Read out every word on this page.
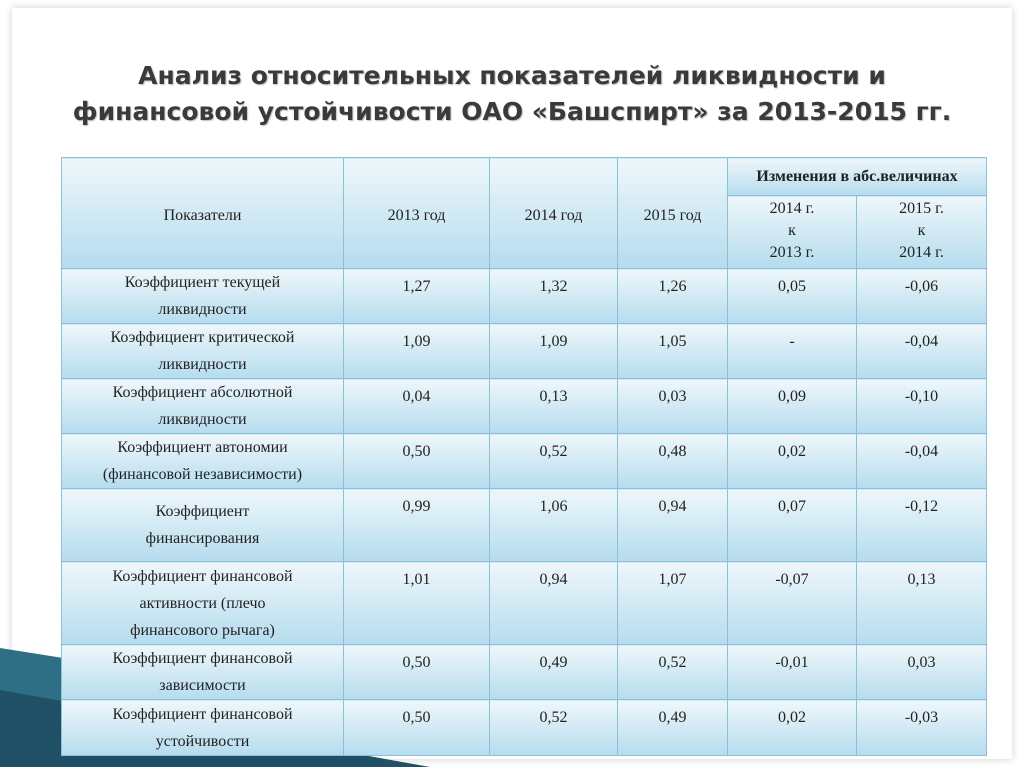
Анализ относительных показателей ликвидности и
финансовой устойчивости ОАО «Башспирт» за 2013-2015 гг.
Показатели	2013 год	2014 год	2015 год	Изменения в абс.величинах	

				2014 г.
к
2013 г.	2015 г.
к
2014 г.

Коэффициент текущей
ликвидности	1,27	1,32	1,26	0,05	-0,06

Коэффициент критической
ликвидности	1,09	1,09	1,05	-	-0,04

Коэффициент абсолютной
ликвидности	0,04	0,13	0,03	0,09	-0,10

Коэффициент автономии
(финансовой независимости)	0,50	0,52	0,48	0,02	-0,04

Коэффициент
финансирования	0,99	1,06	0,94	0,07	-0,12

Коэффициент финансовой
активности (плечо
финансового рычага)	1,01	0,94	1,07	-0,07	0,13

Коэффициент финансовой
зависимости	0,50	0,49	0,52	-0,01	0,03

Коэффициент финансовой
устойчивости	0,50	0,52	0,49	0,02	-0,03
